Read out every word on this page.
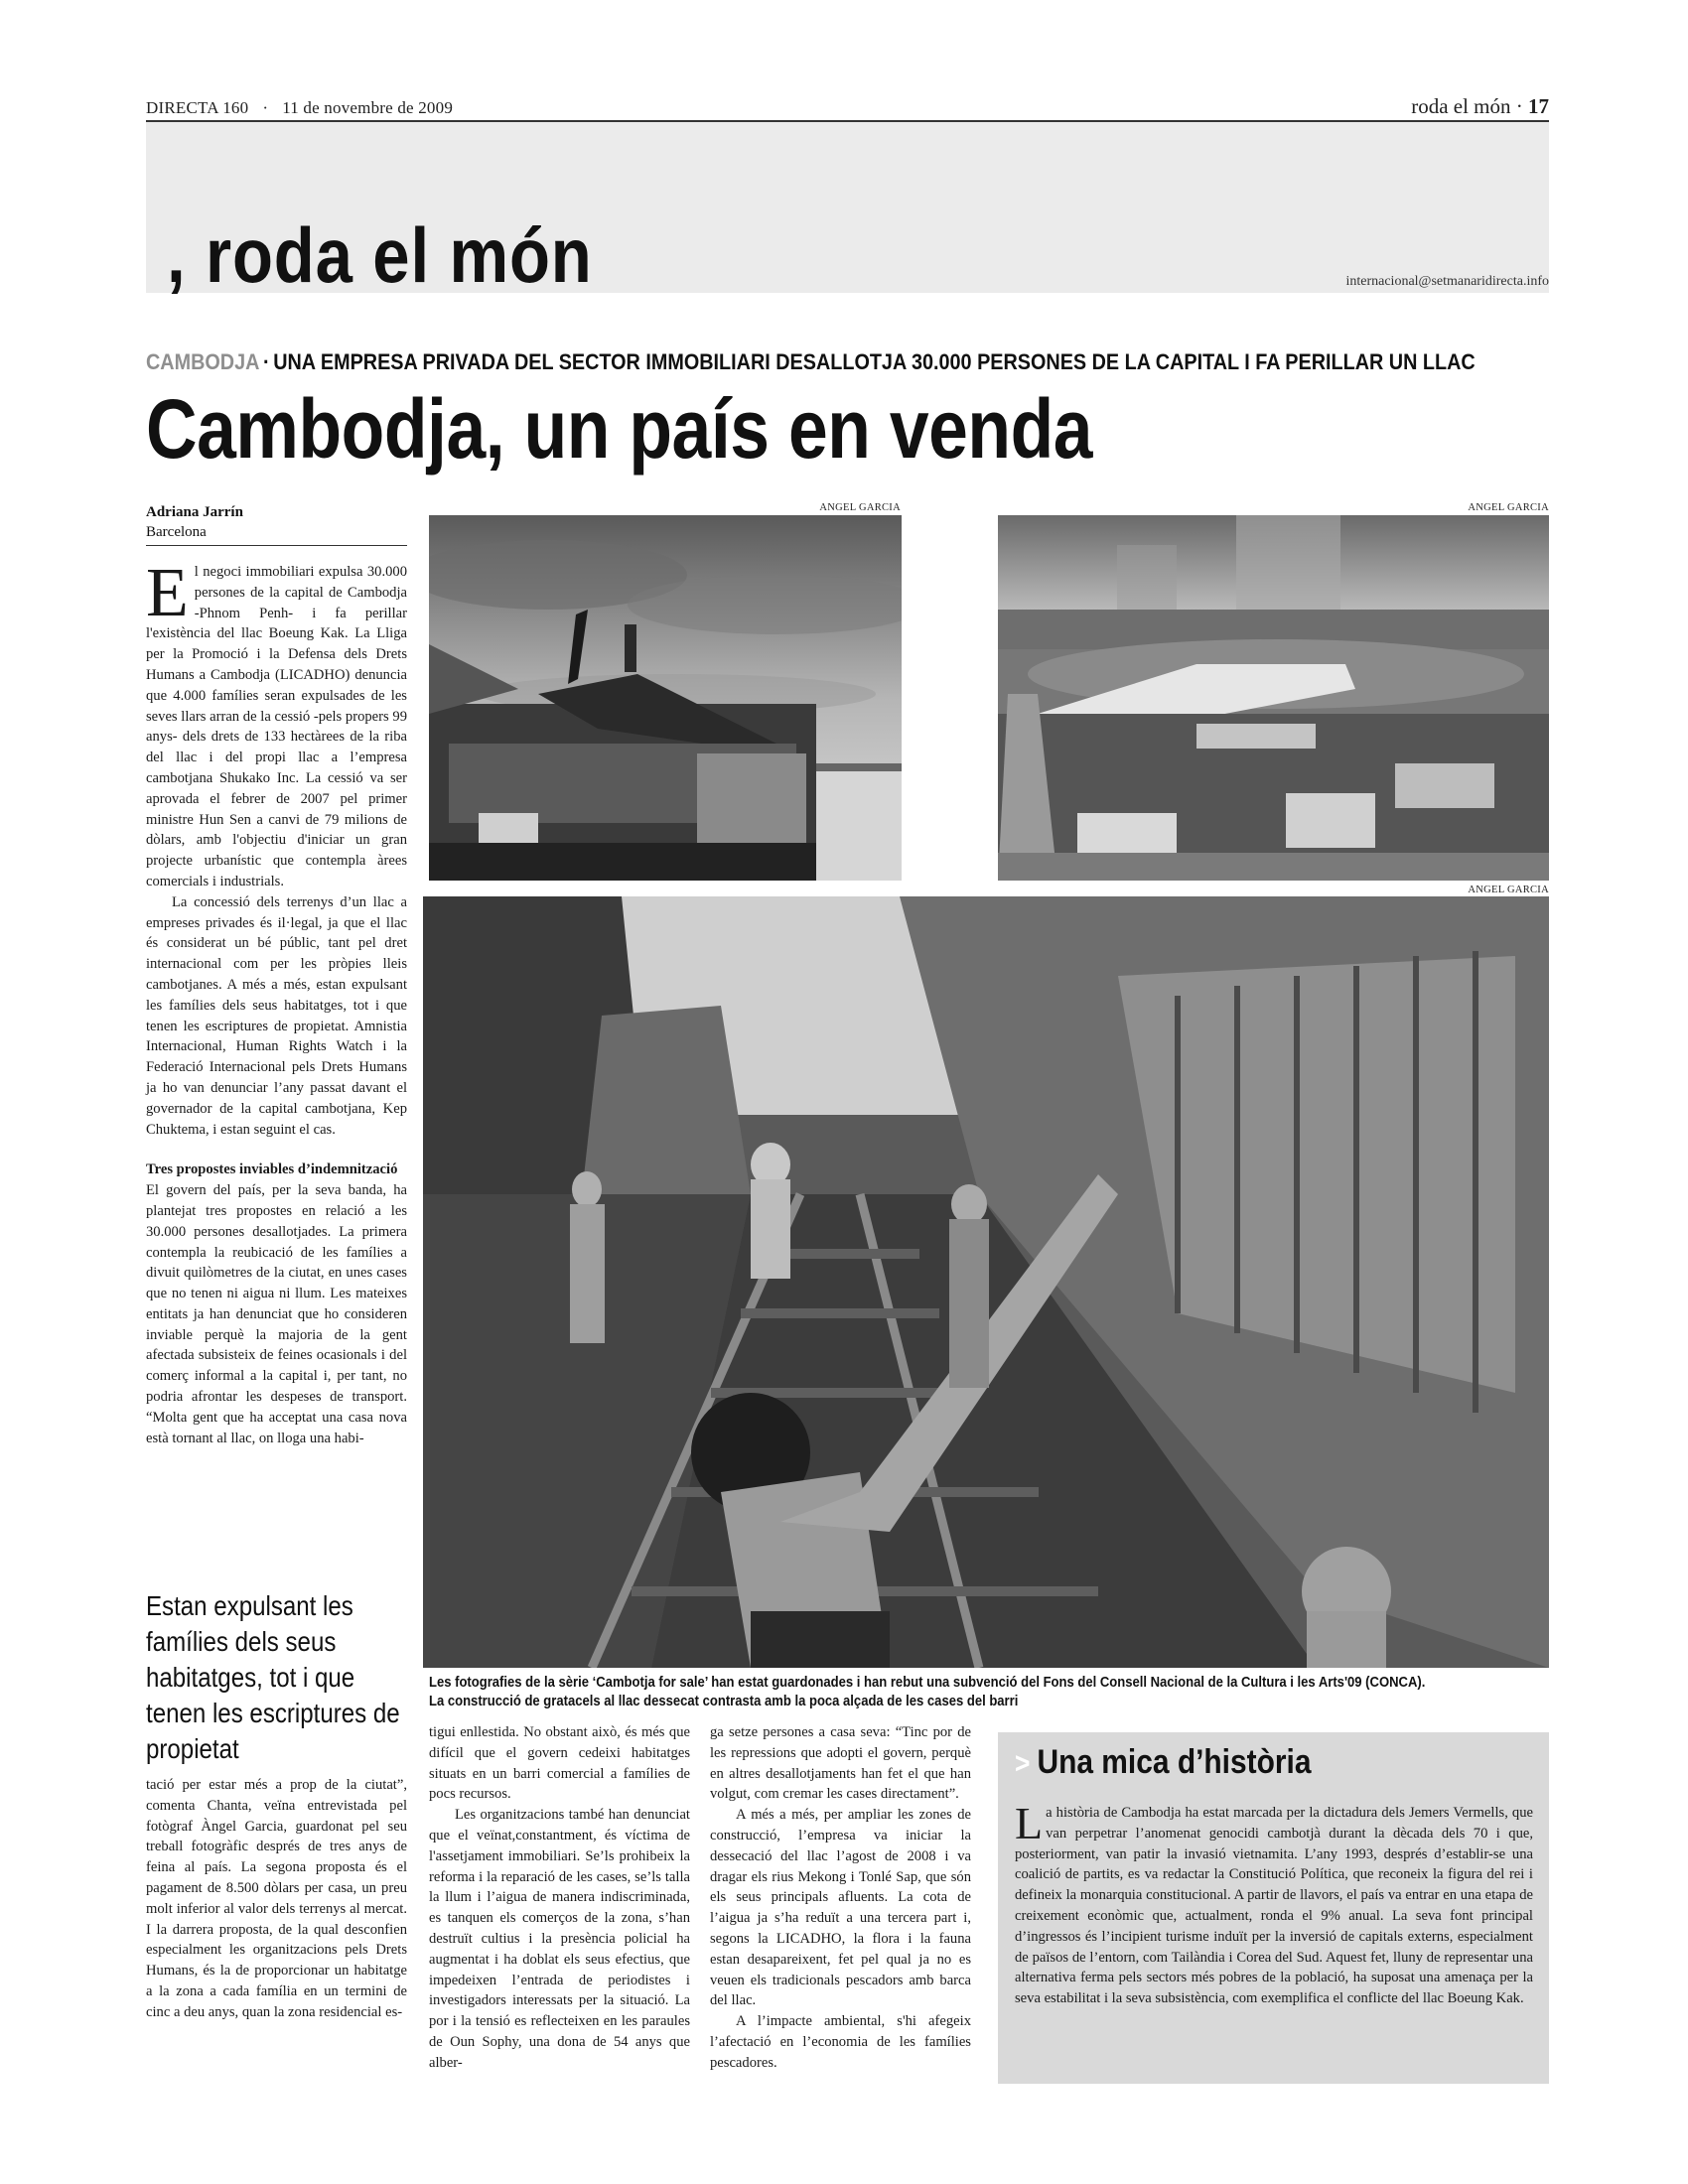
DIRECTA 160 · 11 de novembre de 2009	roda el món · 17
, roda el món	internacional@setmanaridirecta.info
CAMBODJA · UNA EMPRESA PRIVADA DEL SECTOR IMMOBILIARI DESALLOTJA 30.000 PERSONES DE LA CAPITAL I FA PERILLAR UN LLAC
Cambodja, un país en venda
Adriana Jarrín
Barcelona

El negoci immobiliari expulsa 30.000 persones de la capital de Cambodja -Phnom Penh- i fa perillar l'existència del llac Boeung Kak. La Lliga per la Promoció i la Defensa dels Drets Humans a Cambodja (LICADHO) denuncia que 4.000 famílies seran expulsades de les seves llars arran de la cessió -pels propers 99 anys- dels drets de 133 hectàrees de la riba del llac i del propi llac a l’empresa cambotjana Shukako Inc. La cessió va ser aprovada el febrer de 2007 pel primer ministre Hun Sen a canvi de 79 milions de dòlars, amb l'objectiu d'iniciar un gran projecte urbanístic que contempla àrees comercials i industrials.

La concessió dels terrenys d’un llac a empreses privades és il·legal, ja que el llac és considerat un bé públic, tant pel dret internacional com per les pròpies lleis cambotjanes. A més a més, estan expulsant les famílies dels seus habitatges, tot i que tenen les escriptures de propietat. Amnistia Internacional, Human Rights Watch i la Federació Internacional pels Drets Humans ja ho van denunciar l’any passat davant el governador de la capital cambotjana, Kep Chuktema, i estan seguint el cas.

Tres propostes inviables d’indemnització

El govern del país, per la seva banda, ha plantejat tres propostes en relació a les 30.000 persones desallotjades. La primera contempla la reubicació de les famílies a divuit quilòmetres de la ciutat, en unes cases que no tenen ni aigua ni llum. Les mateixes entitats ja han denunciat que ho consideren inviable perquè la majoria de la gent afectada subsisteix de feines ocasionals i del comerç informal a la capital i, per tant, no podria afrontar les despeses de transport. “Molta gent que ha acceptat una casa nova està tornant al llac, on lloga una habi-

Estan expulsant les famílies dels seus habitatges, tot i que tenen les escriptures de propietat

tació per estar més a prop de la ciutat”, comenta Chanta, veïna entrevistada pel fotògraf Àngel Garcia, guardonat pel seu treball fotogràfic després de tres anys de feina al país. La segona proposta és el pagament de 8.500 dòlars per casa, un preu molt inferior al valor dels terrenys al mercat. I la darrera proposta, de la qual desconfien especialment les organitzacions pels Drets Humans, és la de proporcionar un habitatge a la zona a cada família en un termini de cinc a deu anys, quan la zona residencial es-

tigui enllestida. No obstant això, és més que difícil que el govern cedeixi habitatges situats en un barri comercial a famílies de pocs recursos.

Les organitzacions també han denunciat que el veïnat,constantment, és víctima de l'assetjament immobiliari. Se’ls prohibeix la reforma i la reparació de les cases, se’ls talla la llum i l’aigua de manera indiscriminada, es tanquen els comerços de la zona, s’han destruït cultius i la presència policial ha augmentat i ha doblat els seus efectius, que impedeixen l’entrada de periodistes i investigadors interessats per la situació. La por i la tensió es reflecteixen en les paraules de Oun Sophy, una dona de 54 anys que alber-

ga setze persones a casa seva: “Tinc por de les repressions que adopti el govern, perquè en altres desallotjaments han fet el que han volgut, com cremar les cases directament”.

A més a més, per ampliar les zones de construcció, l’empresa va iniciar la dessecació del llac l’agost de 2008 i va dragar els rius Mekong i Tonlé Sap, que són els seus principals afluents. La cota de l’aigua ja s’ha reduït a una tercera part i, segons la LICADHO, la flora i la fauna estan desapareixent, fet pel qual ja no es veuen els tradicionals pescadors amb barca del llac.

A l’impacte ambiental, s'hi afegeix l’afectació en l’economia de les famílies pescadores.

ANGEL GARCIA	ANGEL GARCIA
ANGEL GARCIA
Les fotografies de la sèrie ‘Cambotja for sale’ han estat guardonades i han rebut una subvenció del Fons del Consell Nacional de la Cultura i les Arts'09 (CONCA).
La construcció de gratacels al llac dessecat contrasta amb la poca alçada de les cases del barri
> Una mica d’història

La història de Cambodja ha estat marcada per la dictadura dels Jemers Vermells, que van perpetrar l’anomenat genocidi cambotjà durant la dècada dels 70 i que, posteriorment, van patir la invasió vietnamita. L’any 1993, després d’establir-se una coalició de partits, es va redactar la Constitució Política, que reconeix la figura del rei i defineix la monarquia constitucional. A partir de llavors, el país va entrar en una etapa de creixement econòmic que, actualment, ronda el 9% anual. La seva font principal d’ingressos és l’incipient turisme induït per la inversió de capitals externs, especialment de països de l’entorn, com Tailàndia i Corea del Sud. Aquest fet, lluny de representar una alternativa ferma pels sectors més pobres de la població, ha suposat una amenaça per la seva estabilitat i la seva subsistència, com exemplifica el conflicte del llac Boeung Kak.
